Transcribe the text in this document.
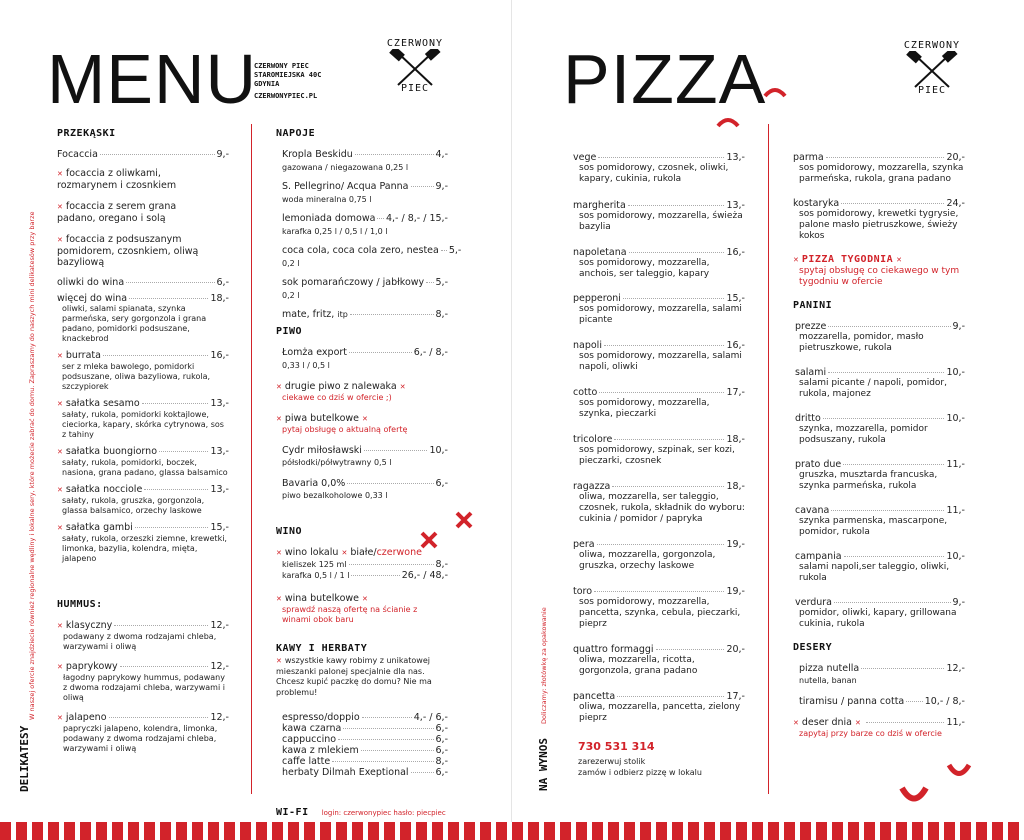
MENU
CZERWONY PIEC
STAROMIEJSKA 40C
GDYNIA
CZERWONYPIEC.PL
CZERWONY
PIEC
W naszej ofercie znajdziecie również regionalne wędliny i lokalne sery, które możecie zabrać do domu. Zapraszamy do naszych mini delikatesów przy barze
DELIKATESY
PRZEKĄSKI
Focaccia	9,-
✕ focaccia z oliwkami, rozmarynem i czosnkiem
✕ focaccia z serem grana padano, oregano i solą
✕ focaccia z podsuszanym pomidorem, czosnkiem, oliwą bazyliową
oliwki do wina	6,-
więcej do wina	18,-
oliwki, salami spianata, szynka parmeńska, sery gorgonzola i grana padano, pomidorki podsuszane, knackebrod
✕ burrata	16,-
ser z mleka bawolego, pomidorki podsuszane, oliwa bazyliowa, rukola, szczypiorek
✕ sałatka sesamo	13,-
sałaty, rukola, pomidorki koktajlowe, cieciorka, kapary, skórka cytrynowa, sos z tahiny
✕ sałatka buongiorno	13,-
sałaty, rukola, pomidorki, boczek, nasiona, grana padano, glassa balsamico
✕ sałatka nocciole	13,-
sałaty, rukola, gruszka, gorgonzola, glassa balsamico, orzechy laskowe
✕ sałatka gambi	15,-
sałaty, rukola, orzeszki ziemne, krewetki, limonka, bazylia, kolendra, mięta, jalapeno
HUMMUS:
✕ klasyczny	12,-
podawany z dwoma rodzajami chleba, warzywami i oliwą
✕ paprykowy	12,-
łagodny paprykowy hummus, podawany z dwoma rodzajami chleba, warzywami i oliwą
✕ jalapeno	12,-
papryczki jalapeno, kolendra, limonka, podawany z dwoma rodzajami chleba, warzywami i oliwą
NAPOJE
Kropla Beskidu	4,-
gazowana / niegazowana 0,25 l
S. Pellegrino/ Acqua Panna	9,-
woda mineralna 0,75 l
lemoniada domowa 4,- / 8,- / 15,-
karafka 0,25 l / 0,5 l / 1,0 l
coca cola, coca cola zero, nestea 5,-
0,2 l
sok pomarańczowy / jabłkowy 5,-
0,2 l
mate, fritz, itp	8,-
PIWO
Łomża export	6,- / 8,-
0,33 l / 0,5 l
✕ drugie piwo z nalewaka ✕
ciekawe co dziś w ofercie ;)
✕ piwa butelkowe ✕
pytaj obsługę o aktualną ofertę
Cydr miłosławski	10,-
półsłodki/półwytrawny 0,5 l
Bavaria 0,0%	6,-
piwo bezalkoholowe 0,33 l
WINO
✕ wino lokalu ✕ białe/czerwone
kieliszek 125 ml	8,-
karafka 0,5 l / 1 l	26,- / 48,-
✕ wina butelkowe ✕
sprawdź naszą ofertę na ścianie z winami obok baru
KAWY I HERBATY
✕ wszystkie kawy robimy z unikatowej mieszanki palonej specjalnie dla nas. Chcesz kupić paczkę do domu? Nie ma problemu!
espresso/doppio	4,- / 6,-
kawa czarna	6,-
cappuccino	6,-
kawa z mlekiem	6,-
caffe latte	8,-
herbaty Dilmah Exeptional	6,-
WI-FI login: czerwonypiec hasło: piecpiec
PIZZA	CZERWONY
PIEC
Doliczamy: złotówkę za opakowanie
NA WYNOS
vege	13,-
sos pomidorowy, czosnek, oliwki, kapary, cukinia, rukola
margherita	13,-
sos pomidorowy, mozzarella, świeża bazylia
napoletana	16,-
sos pomidorowy, mozzarella, anchois, ser taleggio, kapary
pepperoni	15,-
sos pomidorowy, mozzarella, salami picante
napoli	16,-
sos pomidorowy, mozzarella, salami napoli, oliwki
cotto	17,-
sos pomidorowy, mozzarella, szynka, pieczarki
tricolore	18,-
sos pomidorowy, szpinak, ser kozi, pieczarki, czosnek
ragazza	18,-
oliwa, mozzarella, ser taleggio, czosnek, rukola, składnik do wyboru: cukinia / pomidor / papryka
pera	19,-
oliwa, mozzarella, gorgonzola, gruszka, orzechy laskowe
toro	19,-
sos pomidorowy, mozzarella, pancetta, szynka, cebula, pieczarki, pieprz
quattro formaggi	20,-
oliwa, mozzarella, ricotta, gorgonzola, grana padano
pancetta	17,-
oliwa, mozzarella, pancetta, zielony pieprz
730 531 314
zarezerwuj stolik
zamów i odbierz pizzę w lokalu
parma	20,-
sos pomidorowy, mozzarella, szynka parmeńska, rukola, grana padano
kostaryka	24,-
sos pomidorowy, krewetki tygrysie, palone masło pietruszkowe, świeży kokos
✕ PIZZA TYGODNIA ✕
spytaj obsługę co ciekawego w tym tygodniu w ofercie
PANINI
prezze	9,-
mozzarella, pomidor, masło pietruszkowe, rukola
salami	10,-
salami picante / napoli, pomidor, rukola, majonez
dritto	10,-
szynka, mozzarella, pomidor podsuszany, rukola
prato due	11,-
gruszka, musztarda francuska, szynka parmeńska, rukola
cavana	11,-
szynka parmenska, mascarpone, pomidor, rukola
campania	10,-
salami napoli,ser taleggio, oliwki, rukola
verdura	9,-
pomidor, oliwki, kapary, grillowana cukinia, rukola
DESERY
pizza nutella	12,-
nutella, banan
tiramisu / panna cotta 10,- / 8,-
✕ deser dnia ✕	11,-
zapytaj przy barze co dziś w ofercie
